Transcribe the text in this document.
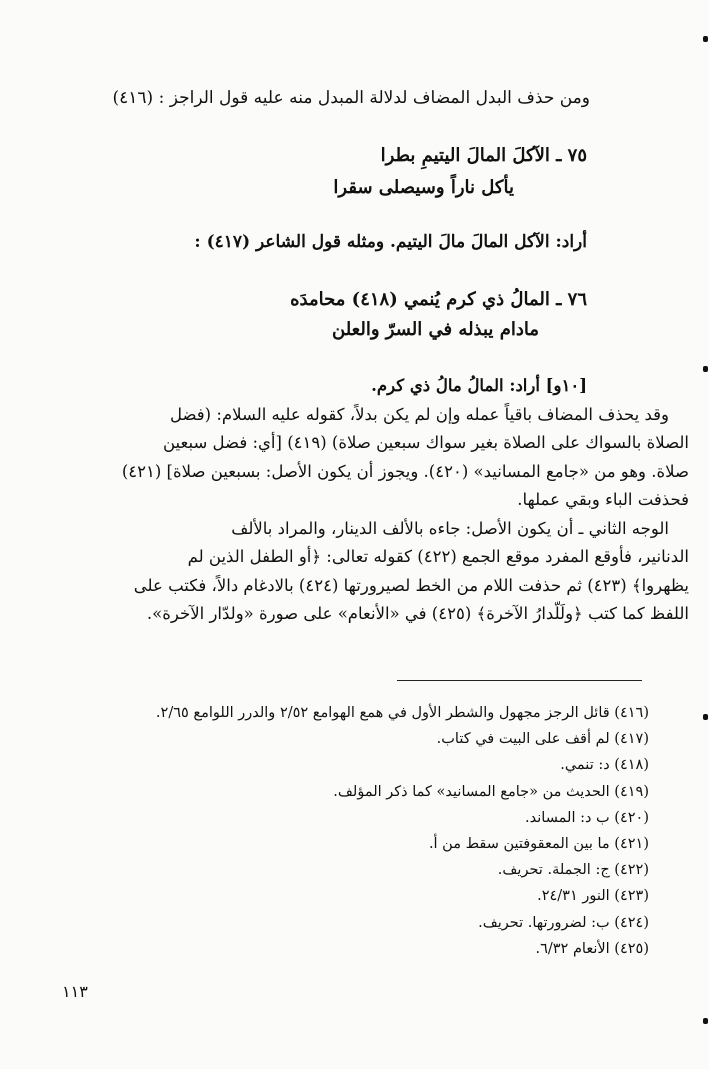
ومن حذف البدل المضاف لدلالة المبدل منه عليه قول الراجز : (٤١٦)
٧٥ ـ الآكلَ المالَ اليتيمِ بطرا
يأكل ناراً وسيصلى سقرا
أراد: الآكل المالَ مالَ اليتيم. ومثله قول الشاعر (٤١٧) :
٧٦ ـ المالُ ذي كرم يُنمي (٤١٨) محامدَه
مادام يبذله في السرّ والعلن
[١٠و] أراد: المالُ مالُ ذي كرم.
وقد يحذف المضاف باقياً عمله وإن لم يكن بدلاً، كقوله عليه السلام: (فضل
الصلاة بالسواك على الصلاة بغير سواك سبعين صلاة) (٤١٩) [أي: فضل سبعين
صلاة. وهو من «جامع المسانيد» (٤٢٠). ويجوز أن يكون الأصل: بسبعين صلاة] (٤٢١)
فحذفت الباء وبقي عملها.
الوجه الثاني ـ أن يكون الأصل: جاءه بالألف الدينار، والمراد بالألف
الدنانير، فأوقع المفرد موقع الجمع (٤٢٢) كقوله تعالى: ﴿أو الطفل الذين لم
يظهروا﴾ (٤٢٣) ثم حذفت اللام من الخط لصيرورتها (٤٢٤) بالادغام دالاً، فكتب على
اللفظ كما كتب ﴿ولَلّدارُ الآخرة﴾ (٤٢٥) في «الأنعام» على صورة «ولدّار الآخرة».
(٤١٦) قائل الرجز مجهول والشطر الأول في همع الهوامع ٢/٥٢ والدرر اللوامع ٢/٦٥.
(٤١٧) لم أقف على البيت في كتاب.
(٤١٨) د: تنمي.
(٤١٩) الحديث من «جامع المسانيد» كما ذكر المؤلف.
(٤٢٠) ب د: المساند.
(٤٢١) ما بين المعقوفتين سقط من أ.
(٤٢٢) ج: الجملة. تحريف.
(٤٢٣) النور ٢٤/٣١.
(٤٢٤) ب: لضرورتها. تحريف.
(٤٢٥) الأنعام ٦/٣٢.
١١٣
